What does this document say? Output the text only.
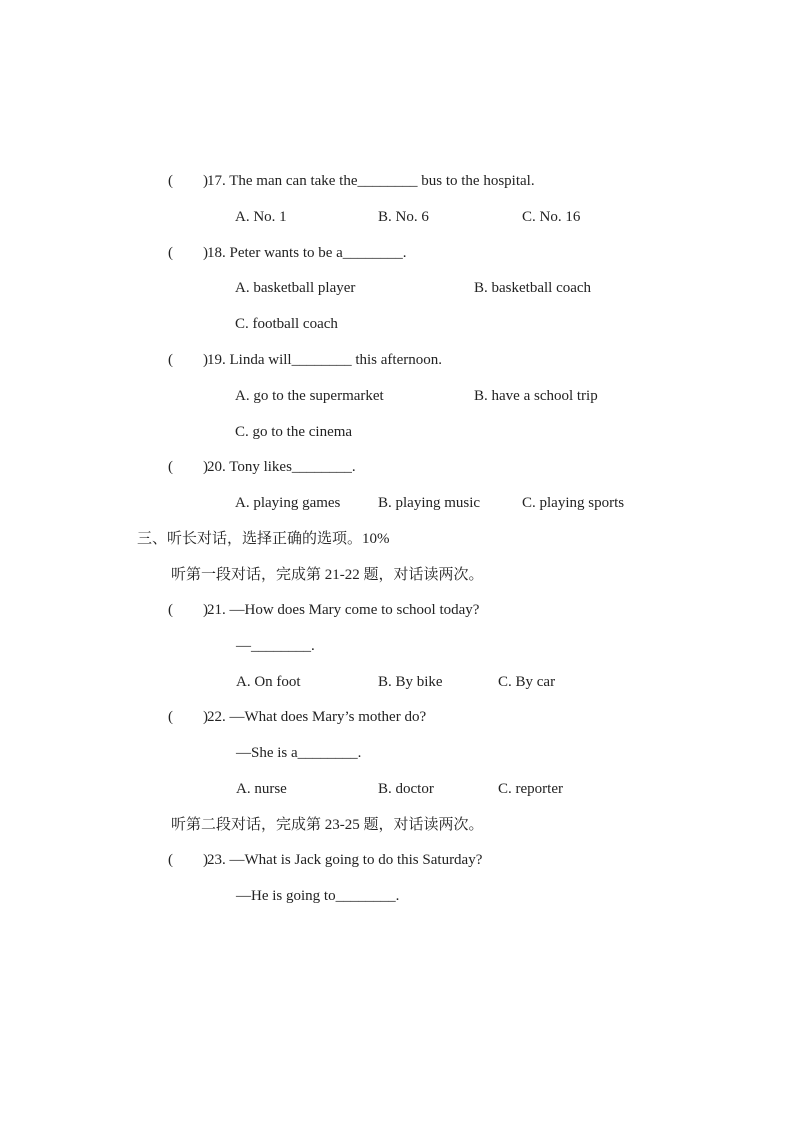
(        ) 17. The man can take the________ bus to the hospital.
A. No. 1	B. No. 6	C. No. 16
(        ) 18. Peter wants to be a________.
A. basketball player	B. basketball coach
C. football coach
(        ) 19. Linda will________ this afternoon.
A. go to the supermarket	B. have a school trip
C. go to the cinema
(        ) 20. Tony likes________.
A. playing games	B. playing music	C. playing sports
三、听长对话，选择正确的选项。10%
听第一段对话，完成第 21-22 题，对话读两次。
(        ) 21. —How does Mary come to school today?
—________.
A. On foot	B. By bike	C. By car
(        ) 22. —What does Mary’s mother do?
—She is a________.
A. nurse	B. doctor	C. reporter
听第二段对话，完成第 23-25 题，对话读两次。
(        ) 23. —What is Jack going to do this Saturday?
—He is going to________.
